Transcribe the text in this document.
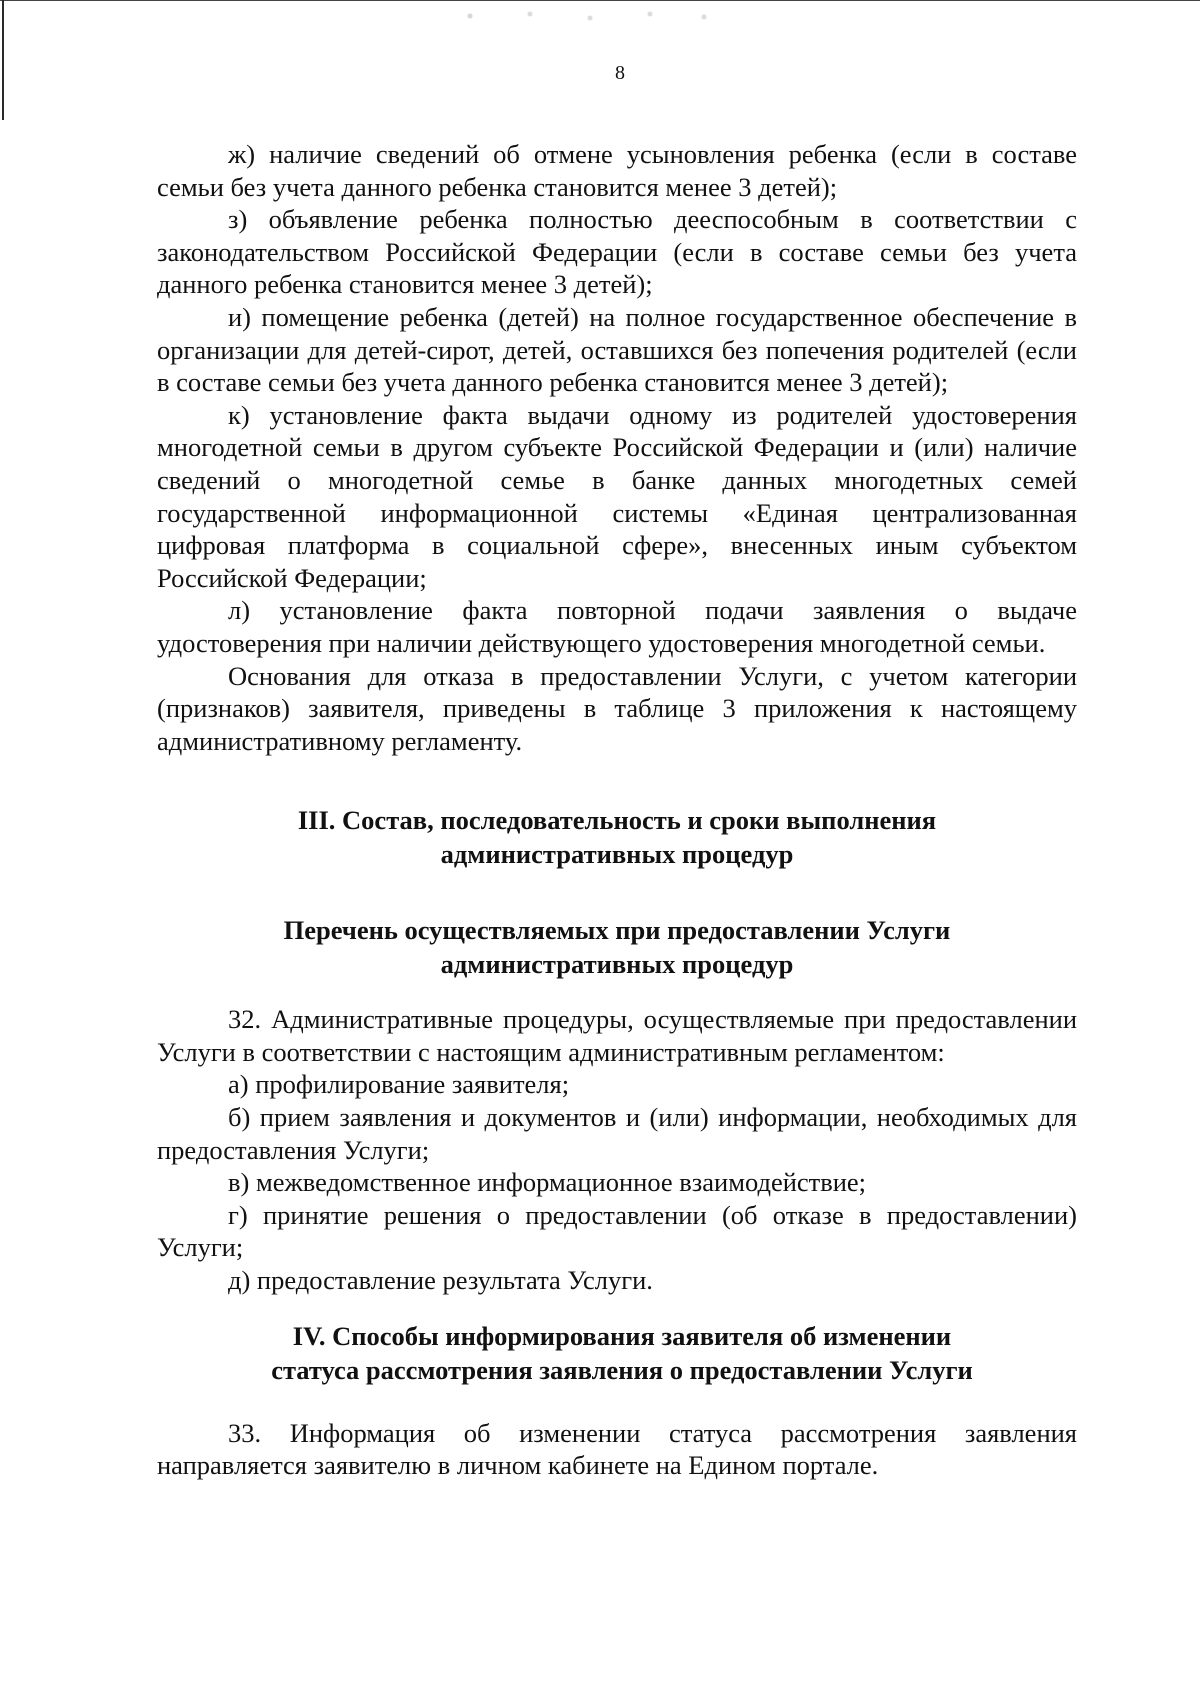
8

ж) наличие сведений об отмене усыновления ребенка (если в составе семьи без учета данного ребенка становится менее 3 детей);

з) объявление ребенка полностью дееспособным в соответствии с законодательством Российской Федерации (если в составе семьи без учета данного ребенка становится менее 3 детей);

и) помещение ребенка (детей) на полное государственное обеспечение в организации для детей-сирот, детей, оставшихся без попечения родителей (если в составе семьи без учета данного ребенка становится менее 3 детей);

к) установление факта выдачи одному из родителей удостоверения многодетной семьи в другом субъекте Российской Федерации и (или) наличие сведений о многодетной семье в банке данных многодетных семей государственной информационной системы «Единая централизованная цифровая платформа в социальной сфере», внесенных иным субъектом Российской Федерации;

л) установление факта повторной подачи заявления о выдаче удостоверения при наличии действующего удостоверения многодетной семьи.

Основания для отказа в предоставлении Услуги, с учетом категории (признаков) заявителя, приведены в таблице 3 приложения к настоящему административному регламенту.

III. Состав, последовательность и сроки выполнения
административных процедур
Перечень осуществляемых при предоставлении Услуги
административных процедур

32. Административные процедуры, осуществляемые при предоставлении Услуги в соответствии с настоящим административным регламентом:

а) профилирование заявителя;

б) прием заявления и документов и (или) информации, необходимых для предоставления Услуги;

в) межведомственное информационное взаимодействие;

г) принятие решения о предоставлении (об отказе в предоставлении) Услуги;

д) предоставление результата Услуги.

IV. Способы информирования заявителя об изменении
статуса рассмотрения заявления о предоставлении Услуги

33. Информация об изменении статуса рассмотрения заявления направляется заявителю в личном кабинете на Едином портале.
